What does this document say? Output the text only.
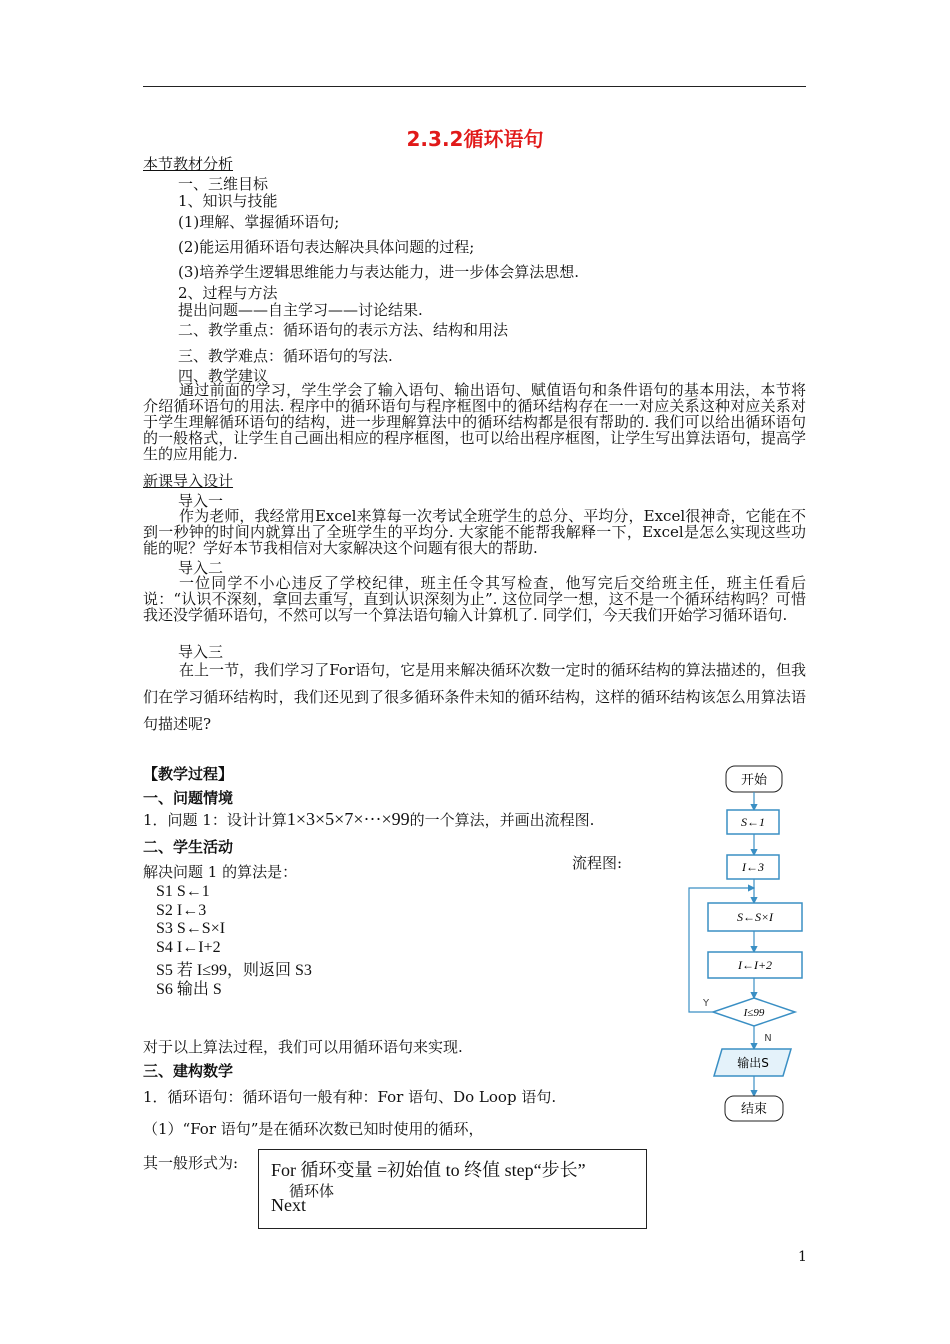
2.3.2循环语句
本节教材分析
一、三维目标
1、知识与技能
(1)理解、掌握循环语句;
(2)能运用循环语句表达解决具体问题的过程;
(3)培养学生逻辑思维能力与表达能力，进一步体会算法思想.
2、过程与方法
提出问题——自主学习——讨论结果.
二、教学重点：循环语句的表示方法、结构和用法
三、教学难点：循环语句的写法.
四、教学建议
通过前面的学习，学生学会了输入语句、输出语句、赋值语句和条件语句的基本用法，本节将介绍循环语句的用法. 程序中的循环语句与程序框图中的循环结构存在一一对应关系这种对应关系对于学生理解循环语句的结构，进一步理解算法中的循环结构都是很有帮助的. 我们可以给出循环语句的一般格式，让学生自己画出相应的程序框图，也可以给出程序框图，让学生写出算法语句，提高学生的应用能力.
新课导入设计
导入一
作为老师，我经常用Excel来算每一次考试全班学生的总分、平均分，Excel很神奇，它能在不到一秒钟的时间内就算出了全班学生的平均分. 大家能不能帮我解释一下，Excel是怎么实现这些功能的呢？学好本节我相信对大家解决这个问题有很大的帮助.
导入二
一位同学不小心违反了学校纪律，班主任令其写检查，他写完后交给班主任，班主任看后说：“认识不深刻，拿回去重写，直到认识深刻为止”. 这位同学一想，这不是一个循环结构吗？可惜我还没学循环语句，不然可以写一个算法语句输入计算机了. 同学们，今天我们开始学习循环语句.
导入三
在上一节，我们学习了For语句，它是用来解决循环次数一定时的循环结构的算法描述的，但我们在学习循环结构时，我们还见到了很多循环条件未知的循环结构，这样的循环结构该怎么用算法语句描述呢?
【教学过程】
一、问题情境
1．问题 1：设计计算1×3×5×7×···×99的一个算法，并画出流程图.
二、学生活动
解决问题 1 的算法是：	流程图:
S1 S←1
S2 I←3
S3 S←S×I
S4 I←I+2
S5 若 I≤99，则返回 S3
S6 输出 S
对于以上算法过程，我们可以用循环语句来实现.
三、建构数学
1．循环语句：循环语句一般有种：For 语句、Do Loop 语句.
（1）“For 语句”是在循环次数已知时使用的循环，
其一般形式为: For 循环变量 =初始值 to 终值 step“步长”
循环体
Next
开始
S←1
I←3
S←S×I
I←I+2
I≤99
Y
N
输出S
结束
1
